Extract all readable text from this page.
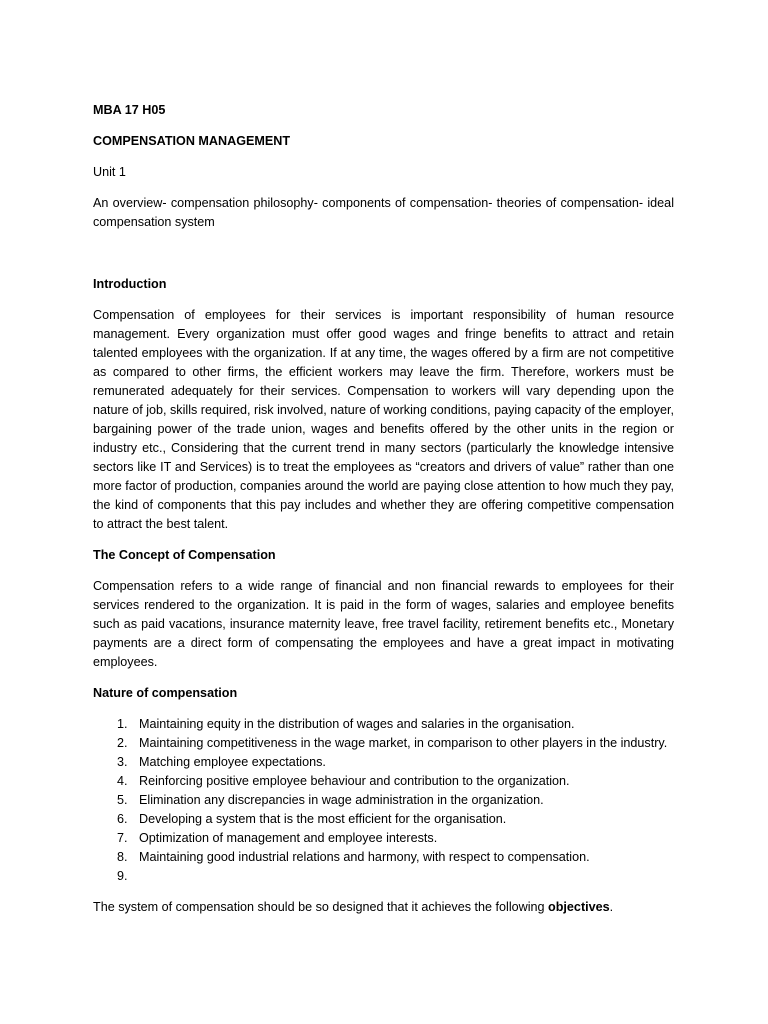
MBA 17 H05

COMPENSATION MANAGEMENT

Unit 1

An overview- compensation philosophy- components of compensation- theories of compensation- ideal compensation system

Introduction

Compensation of employees for their services is important responsibility of human resource management. Every organization must offer good wages and fringe benefits to attract and retain talented employees with the organization. If at any time, the wages offered by a firm are not competitive as compared to other firms, the efficient workers may leave the firm. Therefore, workers must be remunerated adequately for their services. Compensation to workers will vary depending upon the nature of job, skills required, risk involved, nature of working conditions, paying capacity of the employer, bargaining power of the trade union, wages and benefits offered by the other units in the region or industry etc., Considering that the current trend in many sectors (particularly the knowledge intensive sectors like IT and Services) is to treat the employees as “creators and drivers of value” rather than one more factor of production, companies around the world are paying close attention to how much they pay, the kind of components that this pay includes and whether they are offering competitive compensation to attract the best talent.

The Concept of Compensation

Compensation refers to a wide range of financial and non financial rewards to employees for their services rendered to the organization. It is paid in the form of wages, salaries and employee benefits such as paid vacations, insurance maternity leave, free travel facility, retirement benefits etc., Monetary payments are a direct form of compensating the employees and have a great impact in motivating employees.

Nature of compensation

1. Maintaining equity in the distribution of wages and salaries in the organisation.
2. Maintaining competitiveness in the wage market, in comparison to other players in the industry.
3. Matching employee expectations.
4. Reinforcing positive employee behaviour and contribution to the organization.
5. Elimination any discrepancies in wage administration in the organization.
6. Developing a system that is the most efficient for the organisation.
7. Optimization of management and employee interests.
8. Maintaining good industrial relations and harmony, with respect to compensation.
9.

The system of compensation should be so designed that it achieves the following objectives.
